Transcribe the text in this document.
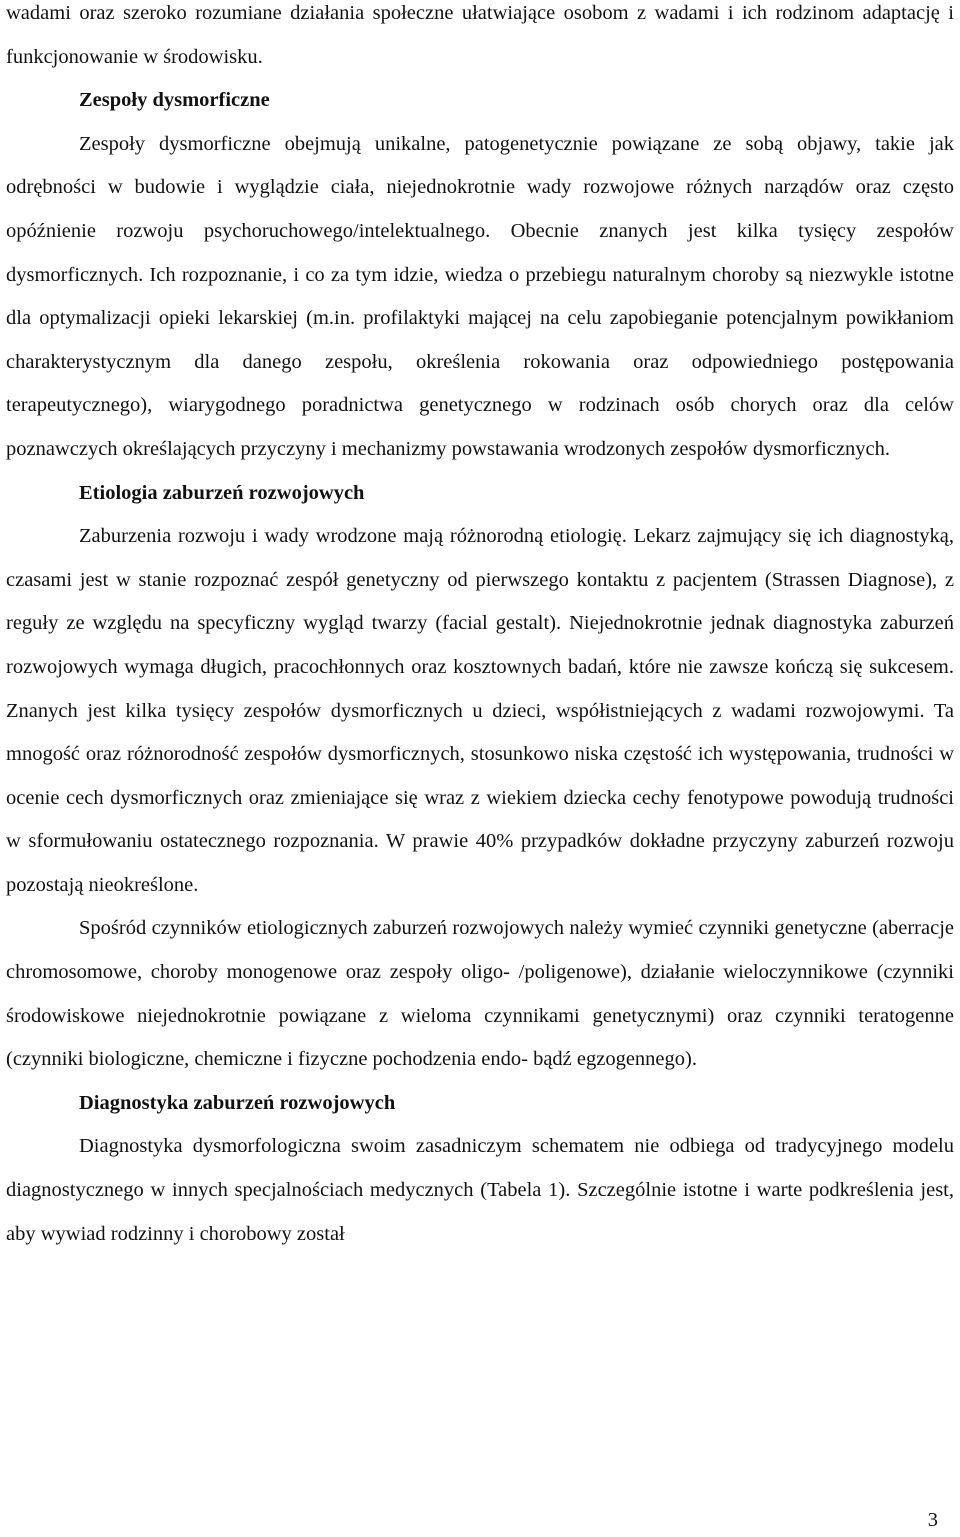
wadami oraz szeroko rozumiane działania społeczne ułatwiające osobom z wadami i ich rodzinom adaptację i funkcjonowanie w środowisku.

Zespoły dysmorficzne

Zespoły dysmorficzne obejmują unikalne, patogenetycznie powiązane ze sobą objawy, takie jak odrębności w budowie i wyglądzie ciała, niejednokrotnie wady rozwojowe różnych narządów oraz często opóźnienie rozwoju psychoruchowego/intelektualnego. Obecnie znanych jest kilka tysięcy zespołów dysmorficznych. Ich rozpoznanie, i co za tym idzie, wiedza o przebiegu naturalnym choroby są niezwykle istotne dla optymalizacji opieki lekarskiej (m.in. profilaktyki mającej na celu zapobieganie potencjalnym powikłaniom charakterystycznym dla danego zespołu, określenia rokowania oraz odpowiedniego postępowania terapeutycznego), wiarygodnego poradnictwa genetycznego w rodzinach osób chorych oraz dla celów poznawczych określających przyczyny i mechanizmy powstawania wrodzonych zespołów dysmorficznych.

Etiologia zaburzeń rozwojowych

Zaburzenia rozwoju i wady wrodzone mają różnorodną etiologię. Lekarz zajmujący się ich diagnostyką, czasami jest w stanie rozpoznać zespół genetyczny od pierwszego kontaktu z pacjentem (Strassen Diagnose), z reguły ze względu na specyficzny wygląd twarzy (facial gestalt). Niejednokrotnie jednak diagnostyka zaburzeń rozwojowych wymaga długich, pracochłonnych oraz kosztownych badań, które nie zawsze kończą się sukcesem. Znanych jest kilka tysięcy zespołów dysmorficznych u dzieci, współistniejących z wadami rozwojowymi. Ta mnogość oraz różnorodność zespołów dysmorficznych, stosunkowo niska częstość ich występowania, trudności w ocenie cech dysmorficznych oraz zmieniające się wraz z wiekiem dziecka cechy fenotypowe powodują trudności w sformułowaniu ostatecznego rozpoznania. W prawie 40% przypadków dokładne przyczyny zaburzeń rozwoju pozostają nieokreślone.

Spośród czynników etiologicznych zaburzeń rozwojowych należy wymieć czynniki genetyczne (aberracje chromosomowe, choroby monogenowe oraz zespoły oligo- /poligenowe), działanie wieloczynnikowe (czynniki środowiskowe niejednokrotnie powiązane z wieloma czynnikami genetycznymi) oraz czynniki teratogenne (czynniki biologiczne, chemiczne i fizyczne pochodzenia endo- bądź egzogennego).

Diagnostyka zaburzeń rozwojowych

Diagnostyka dysmorfologiczna swoim zasadniczym schematem nie odbiega od tradycyjnego modelu diagnostycznego w innych specjalnościach medycznych (Tabela 1). Szczególnie istotne i warte podkreślenia jest, aby wywiad rodzinny i chorobowy został

3
